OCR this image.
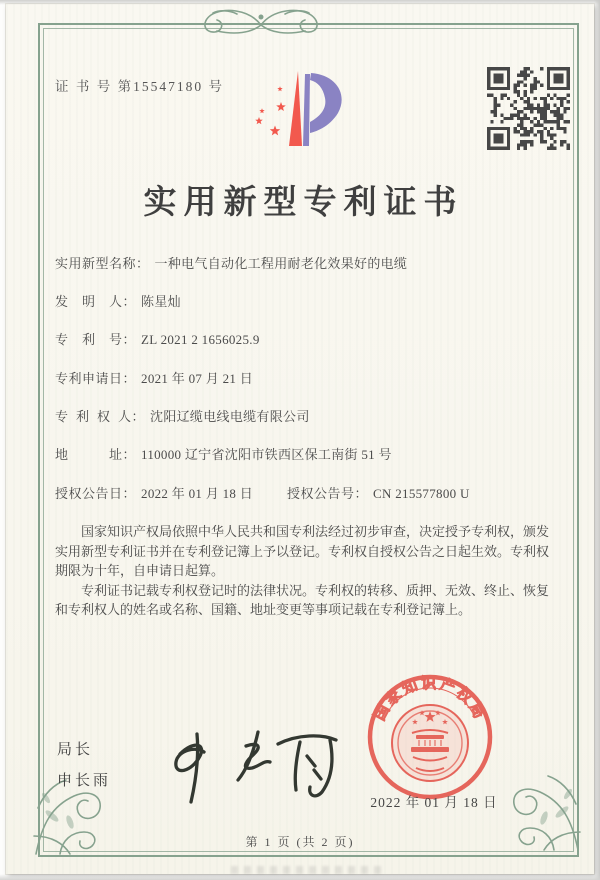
证 书 号 第15547180 号
实用新型专利证书
实用新型名称： 一种电气自动化工程用耐老化效果好的电缆
发　明　人： 陈星灿
专　利　号： ZL 2021 2 1656025.9
专利申请日： 2021 年 07 月 21 日
专  利  权  人： 沈阳辽缆电线电缆有限公司
地　　　址： 110000 辽宁省沈阳市铁西区保工南街 51 号
授权公告日： 2022 年 01 月 18 日	授权公告号： CN 215577800 U

国家知识产权局依照中华人民共和国专利法经过初步审查，决定授予专利权，颁发实用新型专利证书并在专利登记簿上予以登记。专利权自授权公告之日起生效。专利权期限为十年，自申请日起算。

专利证书记载专利权登记时的法律状况。专利权的转移、质押、无效、终止、恢复和专利权人的姓名或名称、国籍、地址变更等事项记载在专利登记簿上。

局长
申长雨
国家知识产权局
2022 年 01 月 18 日
第 1 页 (共 2 页)
